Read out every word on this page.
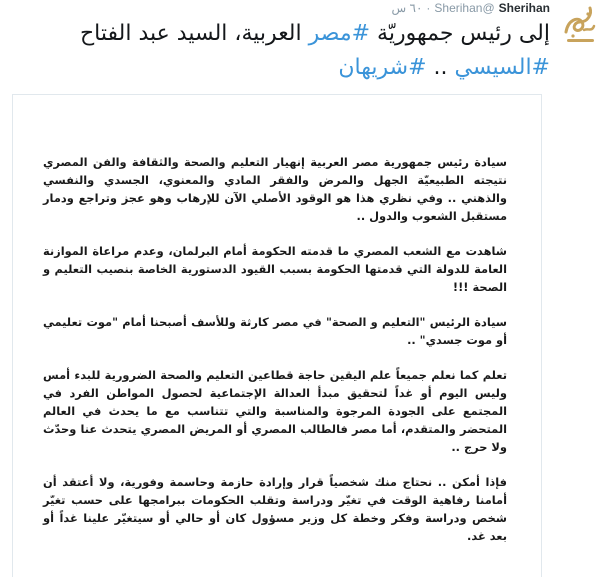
Sherihan
@Sherihan
·
٦٠ س
إلى رئيس جمهوريّة #مصر العربية، السيد عبد الفتاح #السيسي .. #شريهان

سيادة رئيس جمهورية مصر العربية إنهيار التعليم والصحة والثقافة والفن المصري نتيجته الطبيعيّة الجهل والمرض والفقر المادي والمعنوي، الجسدي والنفسي والذهني .. وفي نظري هذا هو الوقود الأصلي الآن للإرهاب وهو عجز وتراجع ودمار مستقبل الشعوب والدول ..

شاهدت مع الشعب المصري ما قدمته الحكومة أمام البرلمان، وعدم مراعاة الموازنة العامة للدولة التي قدمتها الحكومة بسبب القيود الدستورية الخاصة بنصيب التعليم و الصحة !!!

سيادة الرئيس "التعليم و الصحة" في مصر كارثة وللأسف أصبحنا أمام "موت تعليمي أو موت جسدي" ..

تعلم كما نعلم جميعاً علم اليقين حاجة قطاعين التعليم والصحة الضرورية للبدء أمس وليس اليوم أو غداً لتحقيق مبدأ العدالة الإجتماعية لحصول المواطن الفرد في المجتمع على الجودة المرجوة والمناسبة والتي تتناسب مع ما يحدث في العالم المتحضر والمتقدم، أما مصر فالطالب المصري أو المريض المصري يتحدث عنا وحدّث ولا حرج ..

فإذا أمكن .. نحتاج منك شخصياً قرار وإرادة حازمة وحاسمة وفورية، ولا أعتقد أن أمامنا رفاهية الوقت في تغيّر ودراسة وتقلب الحكومات ببرامجها على حسب تغيّر شخص ودراسة وفكر وخطة كل وزير مسؤول كان أو حالي أو سيتغيّر علينا غداً أو بعد غد.
